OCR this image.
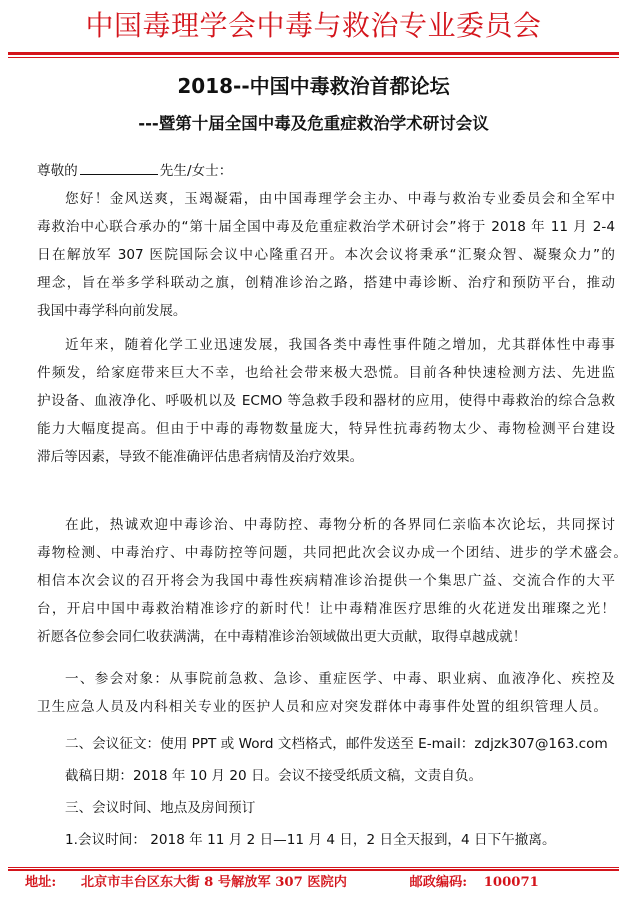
中国毒理学会中毒与救治专业委员会
2018--中国中毒救治首都论坛
---暨第十届全国中毒及危重症救治学术研讨会议
尊敬的	先生/女士：
您好！金风送爽，玉竭凝霜，由中国毒理学会主办、中毒与救治专业委员会和全军中
毒救治中心联合承办的“第十届全国中毒及危重症救治学术研讨会”将于 2018 年 11 月 2-4
日在解放军 307 医院国际会议中心隆重召开。本次会议将秉承“汇聚众智、凝聚众力”的
理念，旨在举多学科联动之旗，创精准诊治之路，搭建中毒诊断、治疗和预防平台，推动
我国中毒学科向前发展。
近年来，随着化学工业迅速发展，我国各类中毒性事件随之增加，尤其群体性中毒事
件频发，给家庭带来巨大不幸，也给社会带来极大恐慌。目前各种快速检测方法、先进监
护设备、血液净化、呼吸机以及 ECMO 等急救手段和器材的应用，使得中毒救治的综合急救
能力大幅度提高。但由于中毒的毒物数量庞大，特异性抗毒药物太少、毒物检测平台建设
滞后等因素，导致不能准确评估患者病情及治疗效果。
在此，热诚欢迎中毒诊治、中毒防控、毒物分析的各界同仁亲临本次论坛，共同探讨
毒物检测、中毒治疗、中毒防控等问题，共同把此次会议办成一个团结、进步的学术盛会。
相信本次会议的召开将会为我国中毒性疾病精准诊治提供一个集思广益、交流合作的大平
台，开启中国中毒救治精准诊疗的新时代！让中毒精准医疗思维的火花迸发出璀璨之光！
祈愿各位参会同仁收获满满，在中毒精准诊治领域做出更大贡献，取得卓越成就！
一、参会对象：从事院前急救、急诊、重症医学、中毒、职业病、血液净化、疾控及
卫生应急人员及内科相关专业的医护人员和应对突发群体中毒事件处置的组织管理人员。
二、会议征文：使用 PPT 或 Word 文档格式，邮件发送至 E-mail：zdjzk307@163.com
截稿日期：2018 年 10 月 20 日。会议不接受纸质文稿，文责自负。
三、会议时间、地点及房间预订
1.会议时间： 2018 年 11 月 2 日—11 月 4 日，2 日全天报到，4 日下午撤离。
地址: 北京市丰台区东大街 8 号解放军 307 医院内	邮政编码: 100071
